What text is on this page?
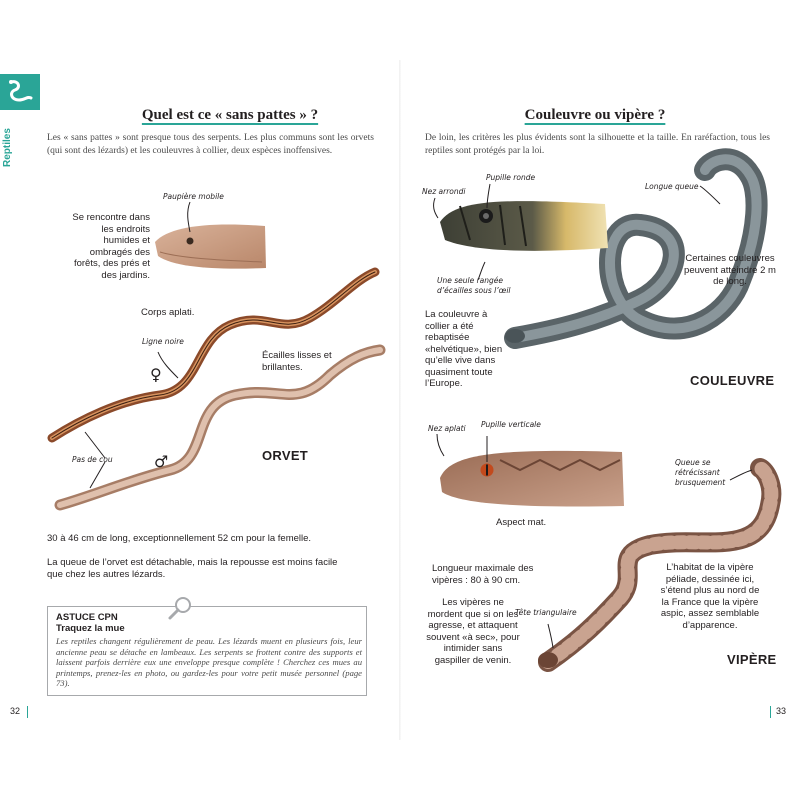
Reptiles
Quel est ce « sans pattes » ?
Les « sans pattes » sont presque tous des serpents. Les plus communs sont les orvets (qui sont des lézards) et les couleuvres à collier, deux espèces inoffensives.
Couleuvre ou vipère ?
De loin, les critères les plus évidents sont la silhouette et la taille. En raréfaction, tous les reptiles sont protégés par la loi.
Paupière mobile
Se rencontre dans les endroits humides et ombragés des forêts, des prés et des jardins.
Corps aplati.
Ligne noire
Écailles lisses et brillantes.
♀
Pas de cou	♂	ORVET
30 à 46 cm de long, exceptionnellement 52 cm pour la femelle.
La queue de l’orvet est détachable, mais la repousse est moins facile que chez les autres lézards.
ASTUCE CPN
Traquez la mue
Les reptiles changent régulièrement de peau. Les lézards muent en plusieurs fois, leur ancienne peau se détache en lambeaux. Les serpents se frottent contre des supports et laissent parfois derrière eux une enveloppe presque complète ! Cherchez ces mues au printemps, prenez-les en photo, ou gardez-les pour votre petit musée personnel (page 73).
32
Nez arrondi
Pupille ronde
Longue queue
Une seule rangée d’écailles sous l’œil
Certaines couleuvres peuvent atteindre 2 m de long.
La couleuvre à collier a été rebaptisée «helvétique», bien qu’elle vive dans quasiment toute l’Europe.	COULEUVRE
Nez aplati Pupille verticale
Queue se rétrécissant brusquement
Aspect mat.
Longueur maximale des vipères : 80 à 90 cm.
Les vipères ne mordent que si on les agresse, et attaquent souvent «à sec», pour intimider sans gaspiller de venin.
Tête triangulaire
L’habitat de la vipère péliade, dessinée ici, s’étend plus au nord de la France que la vipère aspic, assez semblable d’apparence.
VIPÈRE
33
